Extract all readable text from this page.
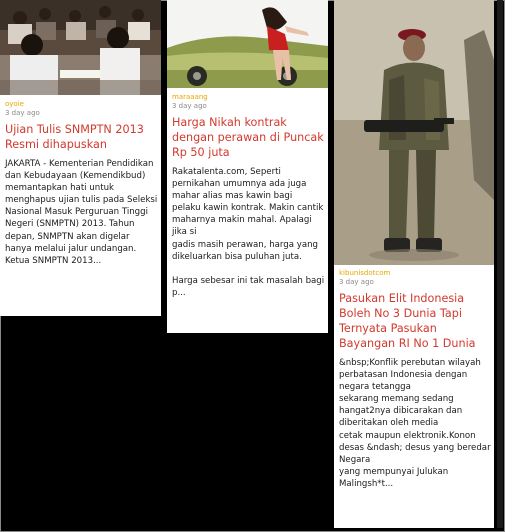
oyoie
3 day ago
Ujian Tulis SNMPTN 2013 Resmi dihapuskan
JAKARTA - Kementerian Pendidikan dan Kebudayaan (Kemendikbud) memantapkan hati untuk menghapus ujian tulis pada Seleksi Nasional Masuk Perguruan Tinggi Negeri (SNMPTN) 2013. Tahun depan, SNMPTN akan digelar hanya melalui jalur undangan.
Ketua SNMPTN 2013...
maraaang
3 day ago
Harga Nikah kontrak dengan perawan di Puncak Rp 50 juta
Rakatalenta.com, Seperti pernikahan umumnya ada juga mahar alias mas kawin bagi
pelaku kawin kontrak. Makin cantik maharnya makin mahal. Apalagi jika si
gadis masih perawan, harga yang dikeluarkan bisa puluhan juta.

Harga sebesar ini tak masalah bagi p...
kibunisdotcom
3 day ago
Pasukan Elit Indonesia Boleh No 3 Dunia Tapi Ternyata Pasukan Bayangan RI No 1 Dunia
&nbsp;Konflik perebutan wilayah perbatasan Indonesia dengan negara tetangga
sekarang memang sedang hangat2nya dibicarakan dan diberitakan oleh media
cetak maupun elektronik.Konon desas &ndash; desus yang beredar Negara
yang mempunyai Julukan Malingsh*t...
